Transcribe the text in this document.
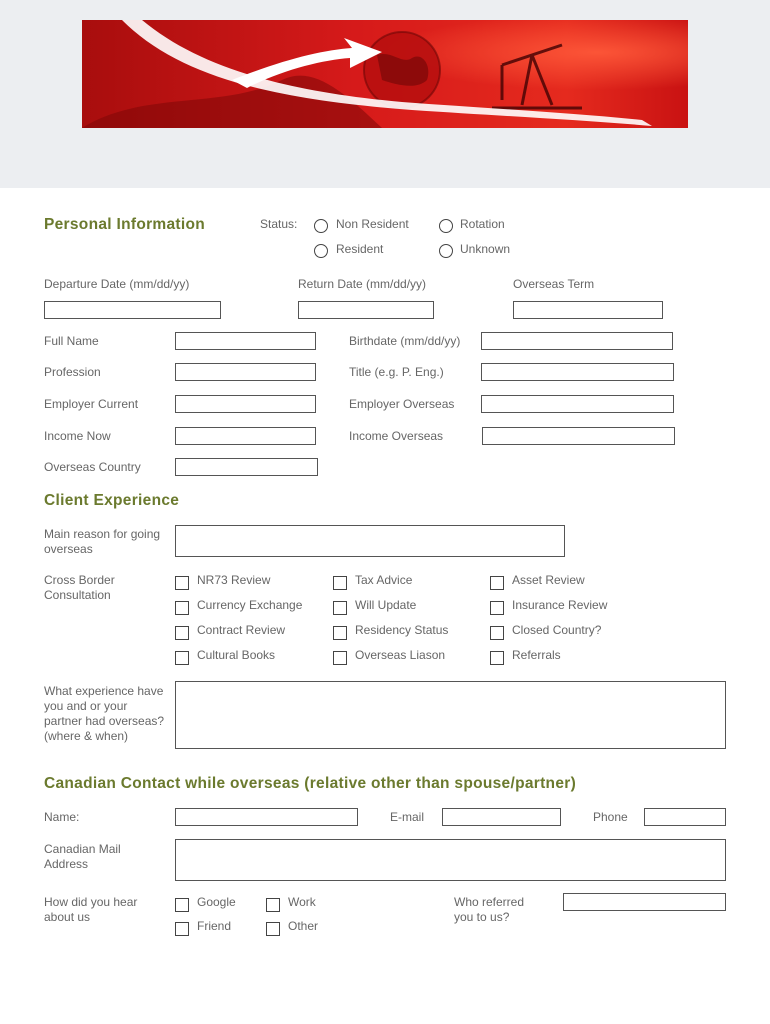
Personal Information	Status:	Non Resident	Rotation
Resident	Unknown
Departure Date (mm/dd/yy)	Return Date (mm/dd/yy)	Overseas Term
Full Name	Birthdate (mm/dd/yy)
Profession	Title (e.g. P. Eng.)
Employer Current	Employer Overseas
Income Now	Income Overseas
Overseas Country
Client Experience
Main reason for going overseas
Cross Border Consultation
NR73 Review	Tax Advice	Asset Review
Currency Exchange	Will Update	Insurance Review
Contract Review	Residency Status	Closed Country?
Cultural Books	Overseas Liason	Referrals
What experience have you and or your partner had overseas? (where & when)
Canadian Contact while overseas (relative other than spouse/partner)
Name:	E-mail	Phone
Canadian Mail Address
How did you hear about us
Google	Work
Friend	Other
Who referred you to us?
